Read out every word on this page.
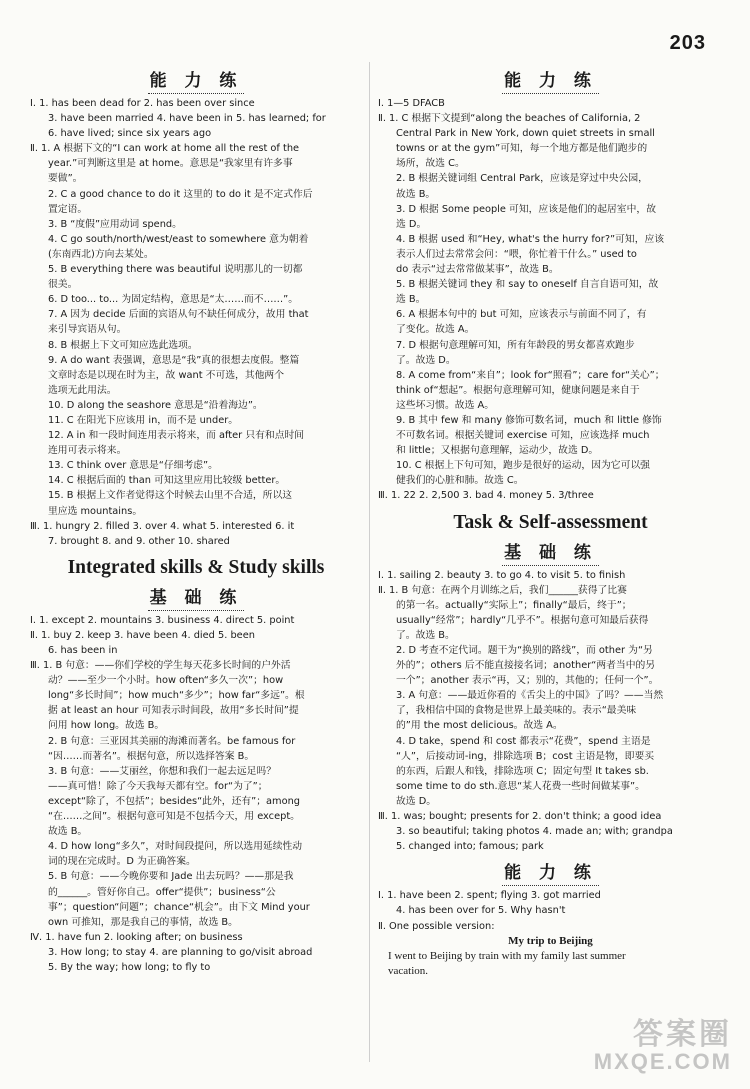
203
能 力 练
Ⅰ. 1. has been dead for 2. has been over since
3. have been married 4. have been in 5. has learned; for
6. have lived; since six years ago
Ⅱ. 1. A 根据下文的“I can work at home all the rest of the
year.”可判断这里是 at home。意思是“我家里有许多事
要做”。
2. C a good chance to do it 这里的 to do it 是不定式作后
置定语。
3. B “度假”应用动词 spend。
4. C go south/north/west/east to somewhere 意为朝着
(东南西北)方向去某处。
5. B everything there was beautiful 说明那儿的一切都
很美。
6. D too... to... 为固定结构，意思是“太……而不……”。
7. A 因为 decide 后面的宾语从句不缺任何成分，故用 that
来引导宾语从句。
8. B 根据上下文可知应选此选项。
9. A do want 表强调，意思是“我”真的很想去度假。整篇
文章时态是以现在时为主，故 want 不可选，其他两个
选项无此用法。
10. D along the seashore 意思是“沿着海边”。
11. C 在阳光下应该用 in，而不是 under。
12. A in 和一段时间连用表示将来，而 after 只有和点时间
连用可表示将来。
13. C think over 意思是“仔细考虑”。
14. C 根据后面的 than 可知这里应用比较级 better。
15. B 根据上文作者觉得这个时候去山里不合适，所以这
里应选 mountains。
Ⅲ. 1. hungry 2. filled 3. over 4. what 5. interested 6. it
7. brought 8. and 9. other 10. shared
Integrated skills & Study skills
基 础 练
Ⅰ. 1. except 2. mountains 3. business 4. direct 5. point
Ⅱ. 1. buy 2. keep 3. have been 4. died 5. been
6. has been in
Ⅲ. 1. B 句意：——你们学校的学生每天花多长时间的户外活
动？——至少一个小时。how often“多久一次”；how
long“多长时间”；how much“多少”；how far“多远”。根
据 at least an hour 可知表示时间段，故用“多长时间”提
问用 how long。故选 B。
2. B 句意：三亚因其美丽的海滩而著名。be famous for
“因……而著名”。根据句意，所以选择答案 B。
3. B 句意：——艾丽丝，你想和我们一起去远足吗？
——真可惜！除了今天我每天都有空。for“为了”；
except“除了，不包括”；besides“此外，还有”；among
“在……之间”。根据句意可知是不包括今天，用 except。
故选 B。
4. D how long“多久”，对时间段提问，所以选用延续性动
词的现在完成时。D 为正确答案。
5. B 句意：——今晚你要和 Jade 出去玩吗？——那是我
的______。管好你自己。offer“提供”；business“公
事”；question“问题”；chance“机会”。由下文 Mind your
own 可推知，那是我自己的事情，故选 B。
Ⅳ. 1. have fun 2. looking after; on business
3. How long; to stay 4. are planning to go/visit abroad
5. By the way; how long; to fly to
能 力 练
Ⅰ. 1—5 DFACB
Ⅱ. 1. C 根据下文提到“along the beaches of California, 2
Central Park in New York, down quiet streets in small
towns or at the gym”可知，每一个地方都是他们跑步的
场所，故选 C。
2. B 根据关键词组 Central Park，应该是穿过中央公园，
故选 B。
3. D 根据 Some people 可知，应该是他们的起居室中，故
选 D。
4. B 根据 used 和“Hey, what's the hurry for?”可知，应该
表示人们过去常常会问：“喂，你忙着干什么。” used to
do 表示“过去常常做某事”，故选 B。
5. B 根据关键词 they 和 say to oneself 自言自语可知，故
选 B。
6. A 根据本句中的 but 可知，应该表示与前面不同了，有
了变化。故选 A。
7. D 根据句意理解可知，所有年龄段的男女都喜欢跑步
了。故选 D。
8. A come from“来自”；look for“照看”；care for“关心”；
think of“想起”。根据句意理解可知，健康问题是来自于
这些坏习惯。故选 A。
9. B 其中 few 和 many 修饰可数名词，much 和 little 修饰
不可数名词。根据关键词 exercise 可知，应该选择 much
和 little；又根据句意理解，运动少，故选 D。
10. C 根据上下句可知，跑步是很好的运动，因为它可以强
健我们的心脏和肺。故选 C。
Ⅲ. 1. 22 2. 2,500 3. bad 4. money 5. 3/three
Task & Self-assessment
基 础 练
Ⅰ. 1. sailing 2. beauty 3. to go 4. to visit 5. to finish
Ⅱ. 1. B 句意：在两个月训练之后，我们______获得了比赛
的第一名。actually“实际上”；finally“最后，终于”；
usually“经常”；hardly“几乎不”。根据句意可知最后获得
了。故选 B。
2. D 考查不定代词。题干为“换别的路线”，而 other 为“另
外的”；others 后不能直接接名词；another“两者当中的另
一个”；another 表示“再，又；别的，其他的；任何一个”。
3. A 句意：——最近你看的《舌尖上的中国》了吗？——当然
了，我相信中国的食物是世界上最美味的。表示“最美味
的”用 the most delicious。故选 A。
4. D take，spend 和 cost 都表示“花费”，spend 主语是
“人”，后接动词-ing，排除选项 B；cost 主语是物，即要买
的东西，后跟人和钱，排除选项 C；固定句型 It takes sb.
some time to do sth.意思“某人花费一些时间做某事”。
故选 D。
Ⅲ. 1. was; bought; presents for 2. don't think; a good idea
3. so beautiful; taking photos 4. made an; with; grandpa
5. changed into; famous; park
能 力 练
Ⅰ. 1. have been 2. spent; flying 3. got married
4. has been over for 5. Why hasn't
Ⅱ. One possible version:
My trip to Beijing
I went to Beijing by train with my family last summer
vacation.
答案圈
MXQE.COM
